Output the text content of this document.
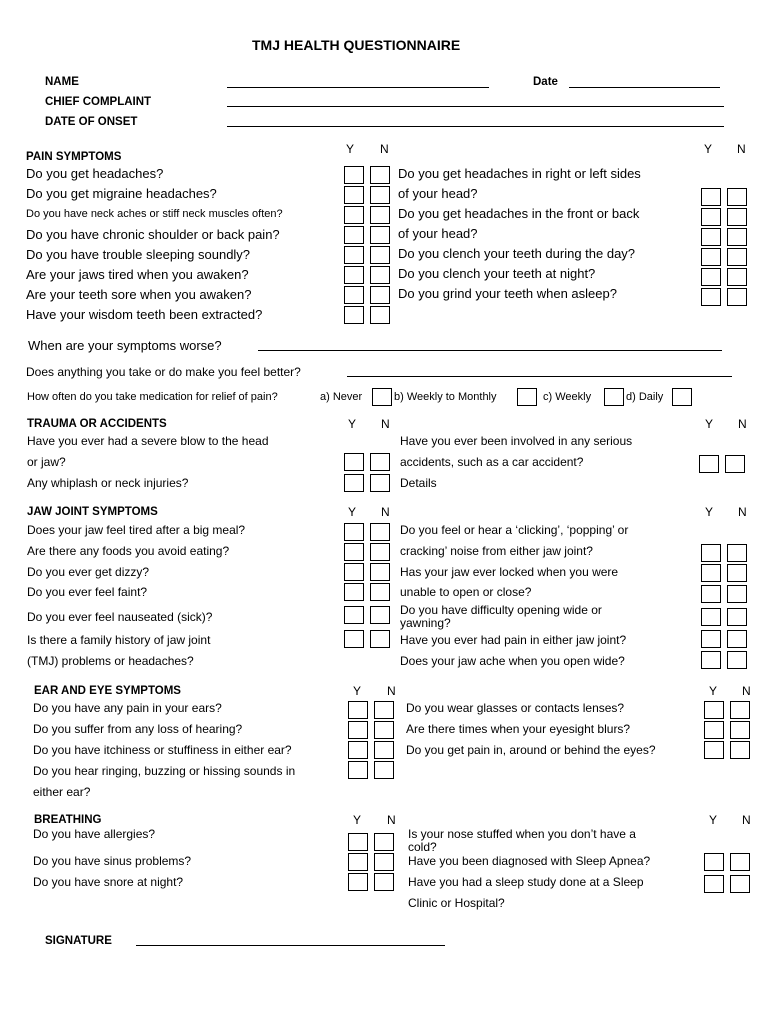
TMJ HEALTH QUESTIONNAIRE
NAME	Date
CHIEF COMPLAINT
DATE OF ONSET
PAIN SYMPTOMS
Y N	Y N
Do you get headaches?
Do you get migraine headaches?
Do you have neck aches or stiff neck muscles often?
Do you have chronic shoulder or back pain?
Do you have trouble sleeping soundly?
Are your jaws tired when you awaken?
Are your teeth sore when you awaken?
Have your wisdom teeth been extracted?
Do you get headaches in right or left sides
of your head?
Do you get headaches in the front or back
of your head?
Do you clench your teeth during the day?
Do you clench your teeth at night?
Do you grind your teeth when asleep?
When are your symptoms worse?
Does anything you take or do make you feel better?
How often do you take medication for relief of pain?	a) Never	b) Weekly to Monthly	c) Weekly	d) Daily
TRAUMA OR ACCIDENTS	Y N	Y N
Have you ever had a severe blow to the head
or jaw?
Any whiplash or neck injuries?
Have you ever been involved in any serious
accidents, such as a car accident?
Details
JAW JOINT SYMPTOMS	Y N	Y N
Does your jaw feel tired after a big meal?
Are there any foods you avoid eating?
Do you ever get dizzy?
Do you ever feel faint?
Do you ever feel nauseated (sick)?
Is there a family history of jaw joint
(TMJ) problems or headaches?
Do you feel or hear a ‘clicking’, ‘popping’ or
cracking’ noise from either jaw joint?
Has your jaw ever locked when you were
unable to open or close?
Do you have difficulty opening wide or
yawning?
Have you ever had pain in either jaw joint?
Does your jaw ache when you open wide?
EAR AND EYE SYMPTOMS	Y N	Y N
Do you have any pain in your ears?
Do you suffer from any loss of hearing?
Do you have itchiness or stuffiness in either ear?
Do you hear ringing, buzzing or hissing sounds in
either ear?
Do you wear glasses or contacts lenses?
Are there times when your eyesight blurs?
Do you get pain in, around or behind the eyes?
BREATHING	Y N	Y N
Do you have allergies?
Do you have sinus problems?
Do you have snore at night?
Is your nose stuffed when you don’t have a
cold?
Have you been diagnosed with Sleep Apnea?
Have you had a sleep study done at a Sleep
Clinic or Hospital?
SIGNATURE
